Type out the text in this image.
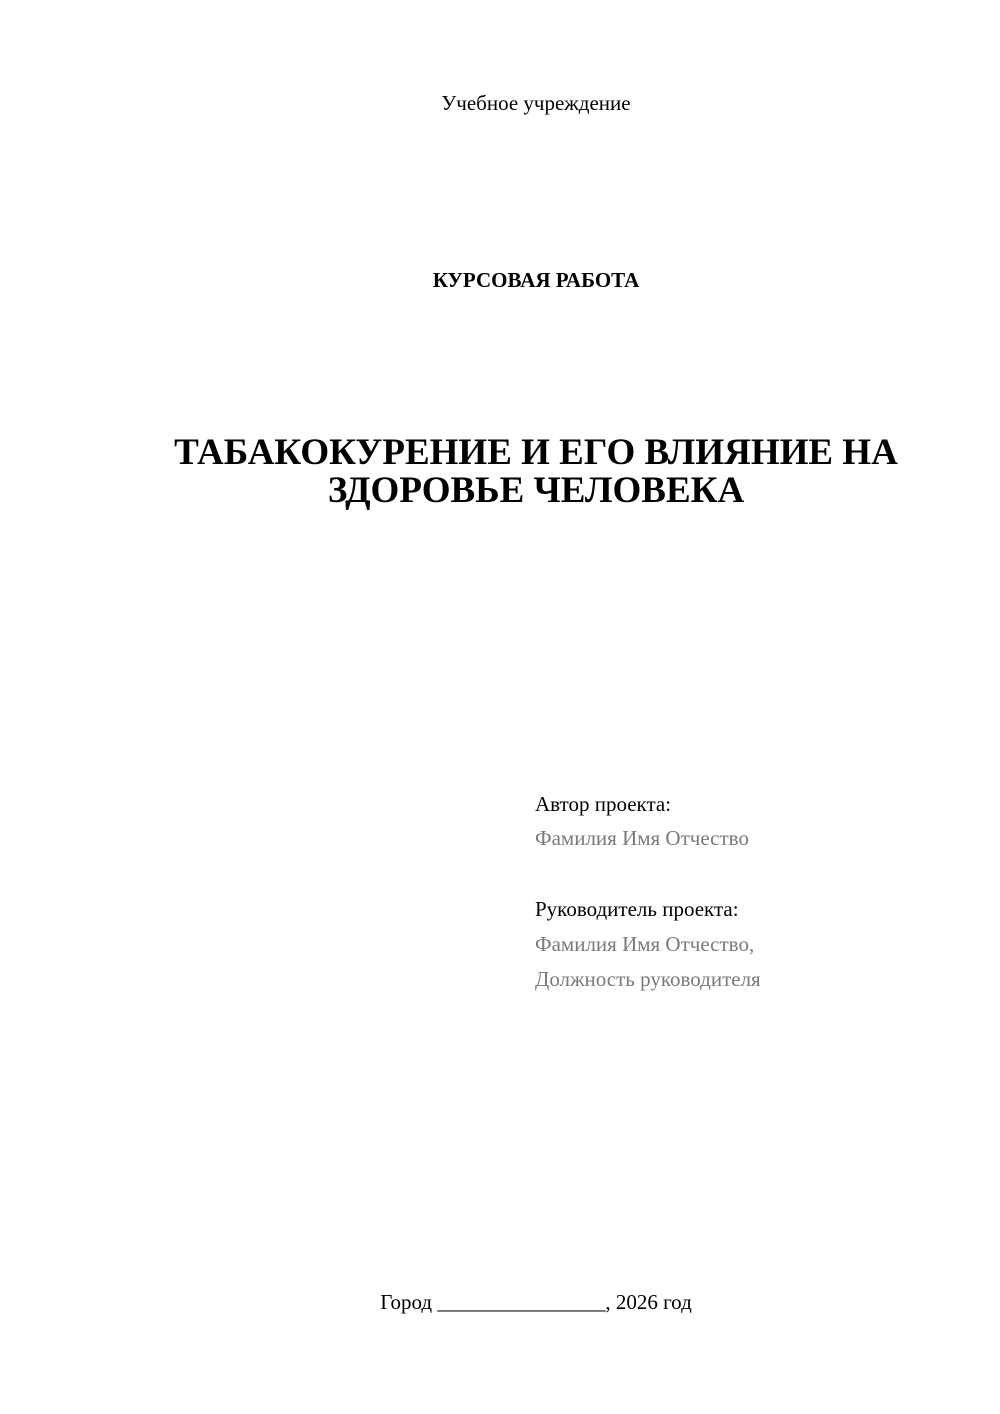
Учебное учреждение
КУРСОВАЯ РАБОТА
ТАБАКОКУРЕНИЕ И ЕГО ВЛИЯНИЕ НА
ЗДОРОВЬЕ ЧЕЛОВЕКА
Автор проекта:
Фамилия Имя Отчество
Руководитель проекта:
Фамилия Имя Отчество,
Должность руководителя
Город ________________, 2026 год
